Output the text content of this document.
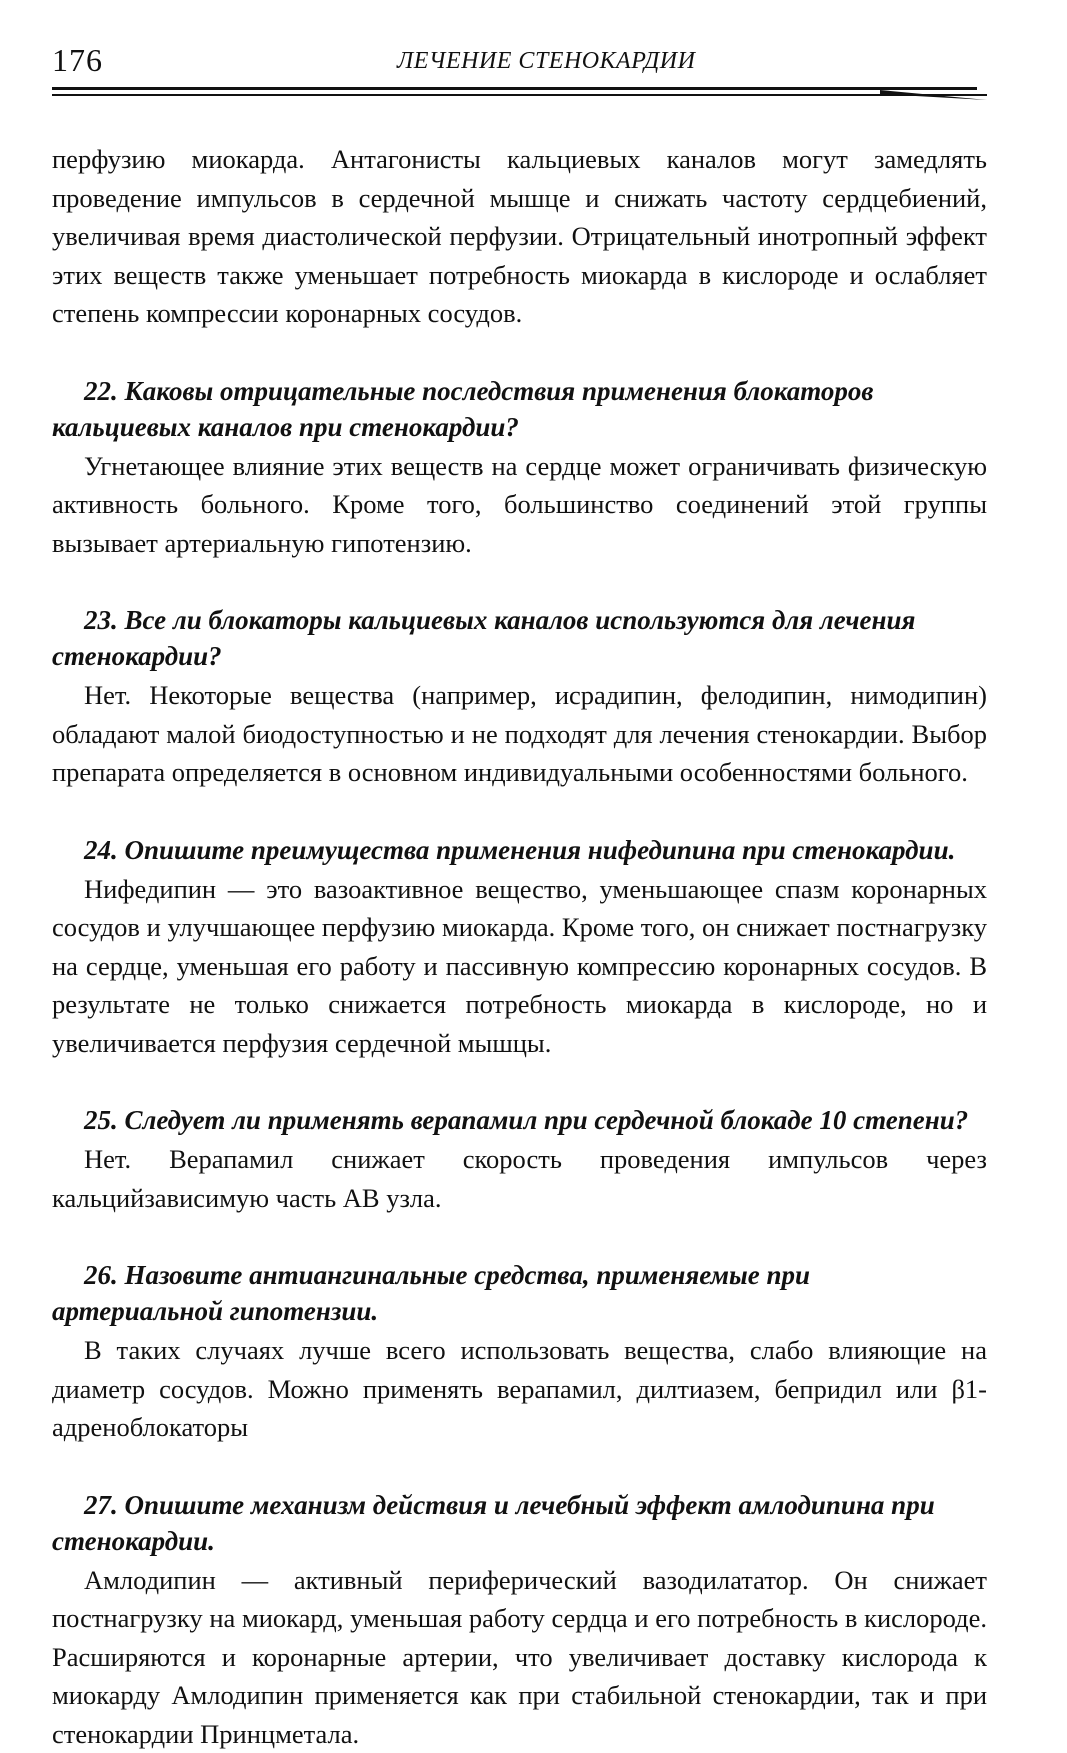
176	ЛЕЧЕНИЕ СТЕНОКАРДИИ

перфузию миокарда. Антагонисты кальциевых каналов могут замедлять проведение импульсов в сердечной мышце и снижать частоту сердцебиений, увеличивая время диастолической перфузии. Отрицательный инотропный эффект этих веществ также уменьшает потребность миокарда в кислороде и ослабляет степень компрессии коронарных сосудов.

22. Каковы отрицательные последствия применения блокаторов кальциевых каналов при стенокардии?

Угнетающее влияние этих веществ на сердце может ограничивать физическую активность больного. Кроме того, большинство соединений этой группы вызывает артериальную гипотензию.

23. Все ли блокаторы кальциевых каналов используются для лечения стенокардии?

Нет. Некоторые вещества (например, исрадипин, фелодипин, нимодипин) обладают малой биодоступностью и не подходят для лечения стенокардии. Выбор препарата определяется в основном индивидуальными особенностями больного.

24. Опишите преимущества применения нифедипина при стенокардии.

Нифедипин — это вазоактивное вещество, уменьшающее спазм коронарных сосудов и улучшающее перфузию миокарда. Кроме того, он снижает постнагрузку на сердце, уменьшая его работу и пассивную компрессию коронарных сосудов. В результате не только снижается потребность миокарда в кислороде, но и увеличивается перфузия сердечной мышцы.

25. Следует ли применять верапамил при сердечной блокаде 10 степени?

Нет. Верапамил снижает скорость проведения импульсов через кальцийзависимую часть АВ узла.

26. Назовите антиангинальные средства, применяемые при артериальной гипотензии.

В таких случаях лучше всего использовать вещества, слабо влияющие на диаметр сосудов. Можно применять верапамил, дилтиазем, бепридил или β1-адреноблокаторы

27. Опишите механизм действия и лечебный эффект амлодипина при стенокардии.

Амлодипин — активный периферический вазодилататор. Он снижает постнагрузку на миокард, уменьшая работу сердца и его потребность в кислороде. Расширяются и коронарные артерии, что увеличивает доставку кислорода к миокарду Амлодипин применяется как при стабильной стенокардии, так и при стенокардии Принцметала.
